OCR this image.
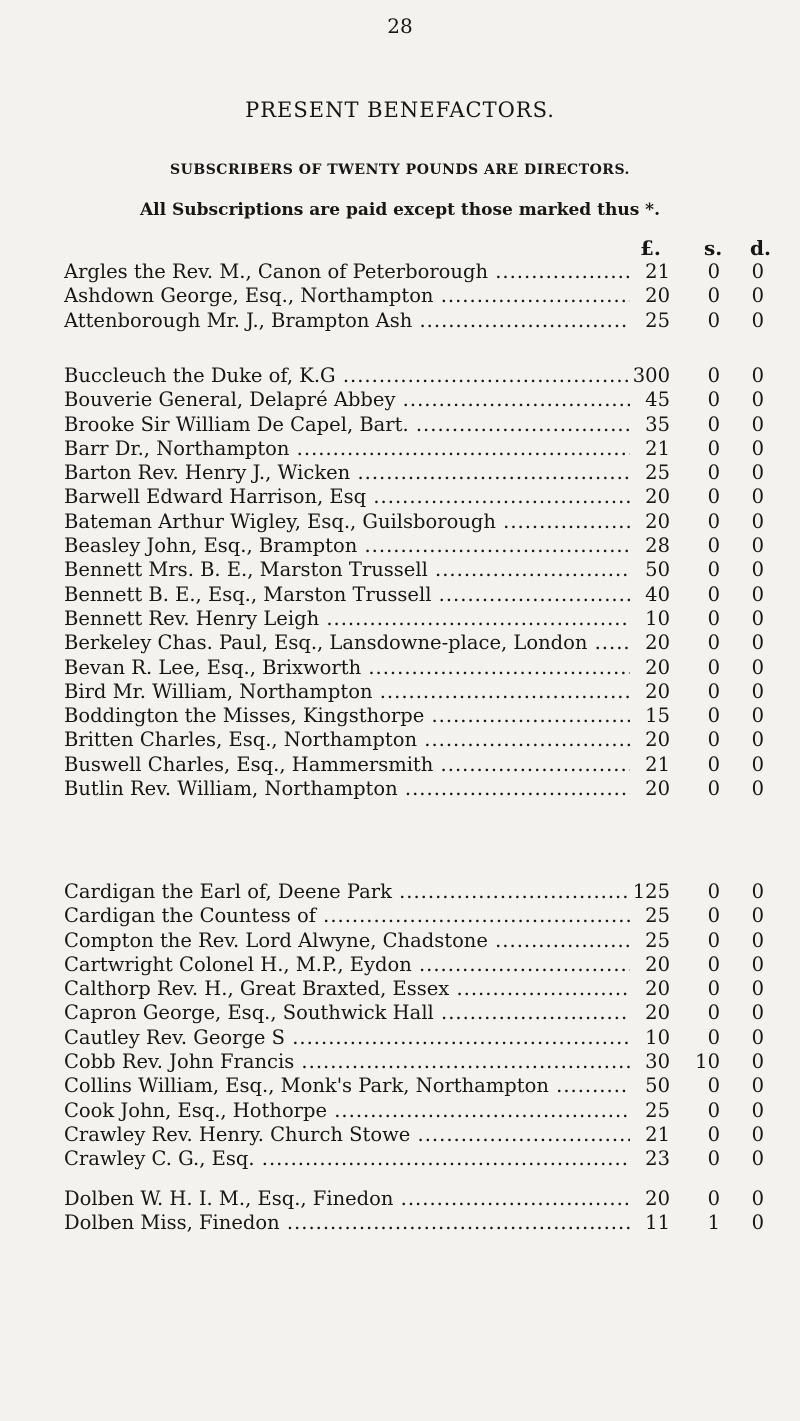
28
PRESENT BENEFACTORS.
SUBSCRIBERS OF TWENTY POUNDS ARE DIRECTORS.
All Subscriptions are paid except those marked thus *.
£. s. d.
Argles the Rev. M., Canon of Peterborough .....	21	0	0
Ashdown George, Esq., Northampton .....	20	0	0
Attenborough Mr. J., Brampton Ash .....	25	0	0
Buccleuch the Duke of, K.G .....	300	0	0
Bouverie General, Delapré Abbey .....	45	0	0
Brooke Sir William De Capel, Bart. .....	35	0	0
Barr Dr., Northampton .....	21	0	0
Barton Rev. Henry J., Wicken .....	25	0	0
Barwell Edward Harrison, Esq .....	20	0	0
Bateman Arthur Wigley, Esq., Guilsborough .....	20	0	0
Beasley John, Esq., Brampton .....	28	0	0
Bennett Mrs. B. E., Marston Trussell .....	50	0	0
Bennett B. E., Esq., Marston Trussell .....	40	0	0
Bennett Rev. Henry Leigh .....	10	0	0
Berkeley Chas. Paul, Esq., Lansdowne-place, London .....	20	0	0
Bevan R. Lee, Esq., Brixworth .....	20	0	0
Bird Mr. William, Northampton .....	20	0	0
Boddington the Misses, Kingsthorpe .....	15	0	0
Britten Charles, Esq., Northampton .....	20	0	0
Buswell Charles, Esq., Hammersmith .....	21	0	0
Butlin Rev. William, Northampton .....	20	0	0
Cardigan the Earl of, Deene Park .....	125	0	0
Cardigan the Countess of .....	25	0	0
Compton the Rev. Lord Alwyne, Chadstone .....	25	0	0
Cartwright Colonel H., M.P., Eydon .....	20	0	0
Calthorp Rev. H., Great Braxted, Essex .....	20	0	0
Capron George, Esq., Southwick Hall .....	20	0	0
Cautley Rev. George S .....	10	0	0
Cobb Rev. John Francis .....	30	10	0
Collins William, Esq., Monk's Park, Northampton .....	50	0	0
Cook John, Esq., Hothorpe .....	25	0	0
Crawley Rev. Henry. Church Stowe .....	21	0	0
Crawley C. G., Esq. .....	23	0	0
Dolben W. H. I. M., Esq., Finedon .....	20	0	0
Dolben Miss, Finedon .....	11	1	0
